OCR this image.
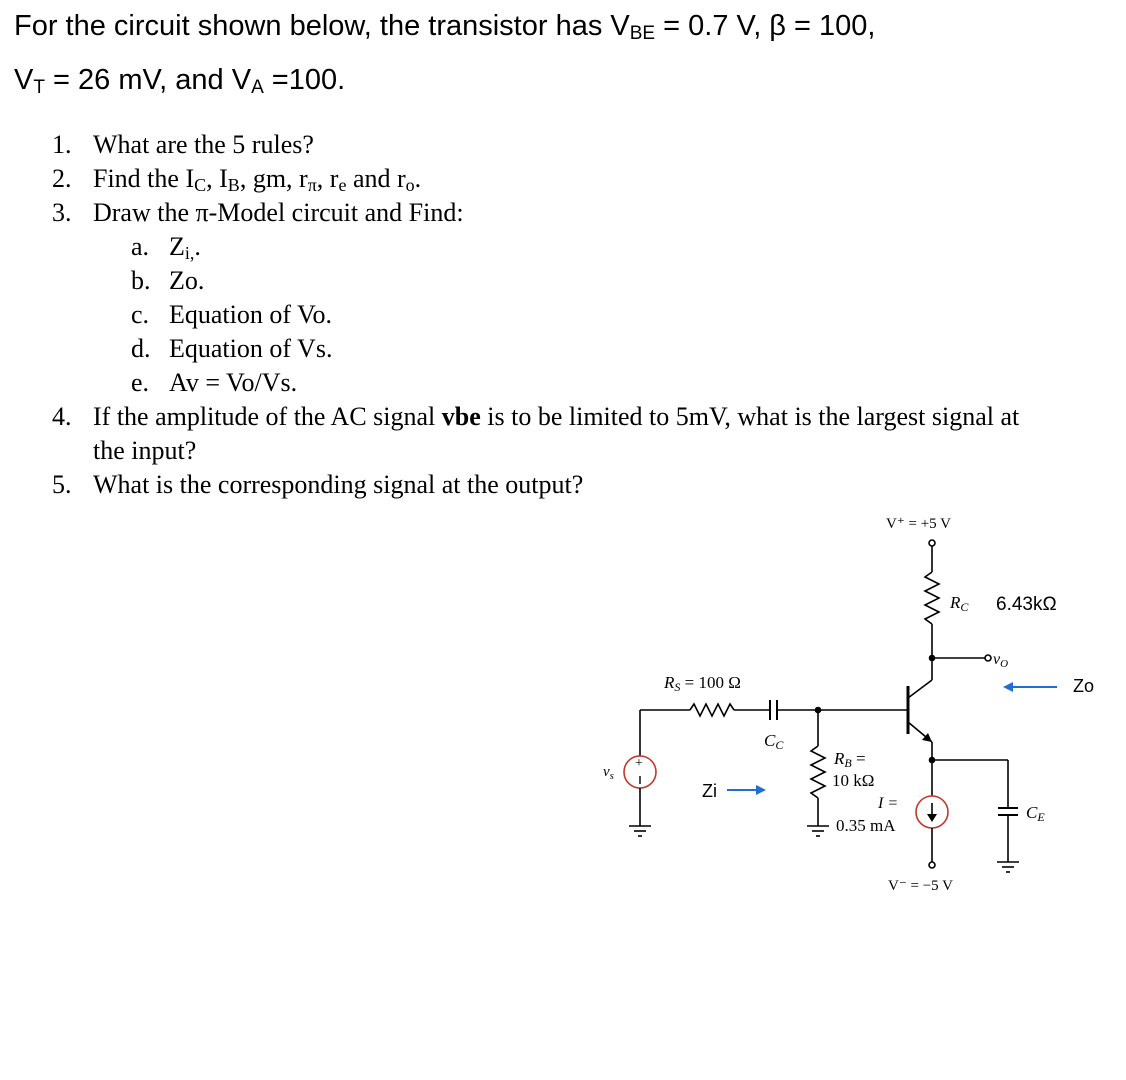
For the circuit shown below, the transistor has $V_{BE} = 0.7$ V, β = 100,
$V_T = 26$ mV, and $V_A =100$.
1. What are the 5 rules?
2. Find the $I_C$, $I_B$, gm, $r_\pi$, $r_e$ and $r_o$.
3. Draw the π-Model circuit and Find:
a. $Z_{i,}$.
b. Zo.
c. Equation of Vo.
d. Equation of Vs.
e. Av = Vo/Vs.
4. If the amplitude of the AC signal vbe is to be limited to 5mV, what is the largest signal at the input?
5. What is the corresponding signal at the output?
V⁺ = +5 V
RC 6.43kΩ
vO
Zo
RS = 100 Ω
CC
+
$v_s$
Zi
RB =
10 kΩ
I =
0.35 mA
V⁻ = −5 V
CE
